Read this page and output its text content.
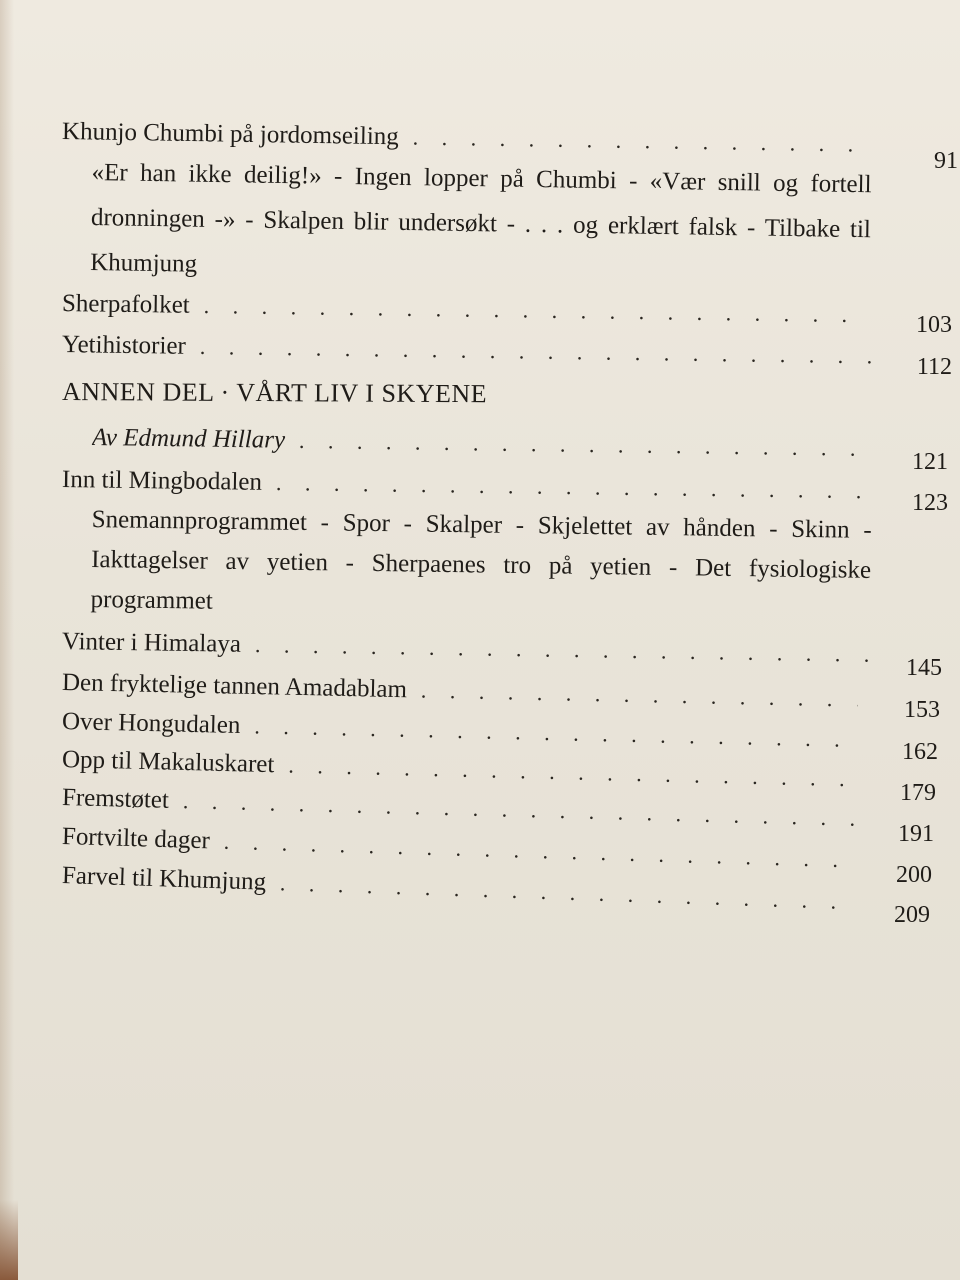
Khunjo Chumbi på jordomseiling
. . .
«Er han ikke deilig!» - Ingen lopper på Chumbi - «Vær snill og fortell dronningen -» - Skalpen blir undersøkt - . . . og erklært falsk - Tilbake til Khumjung
Sherpafolket
. . .
Yetihistorier
. . .
ANNEN DEL · VÅRT LIV I SKYENE
Av Edmund Hillary
. . .
Inn til Mingbodalen
. . .
Snemannprogrammet - Spor - Skalper - Skjelettet av hånden - Skinn - Iakttagelser av yetien - Sherpaenes tro på yetien - Det fysiologiske programmet
Vinter i Himalaya
. . .
Den fryktelige tannen Amadablam
. . .
Over Hongudalen
. . .
Opp til Makaluskaret
. . .
Fremstøtet
. . .
Fortvilte dager
. . .
Farvel til Khumjung
. . .
91
103
112
121
123
145
153
162
179
191
200
209
